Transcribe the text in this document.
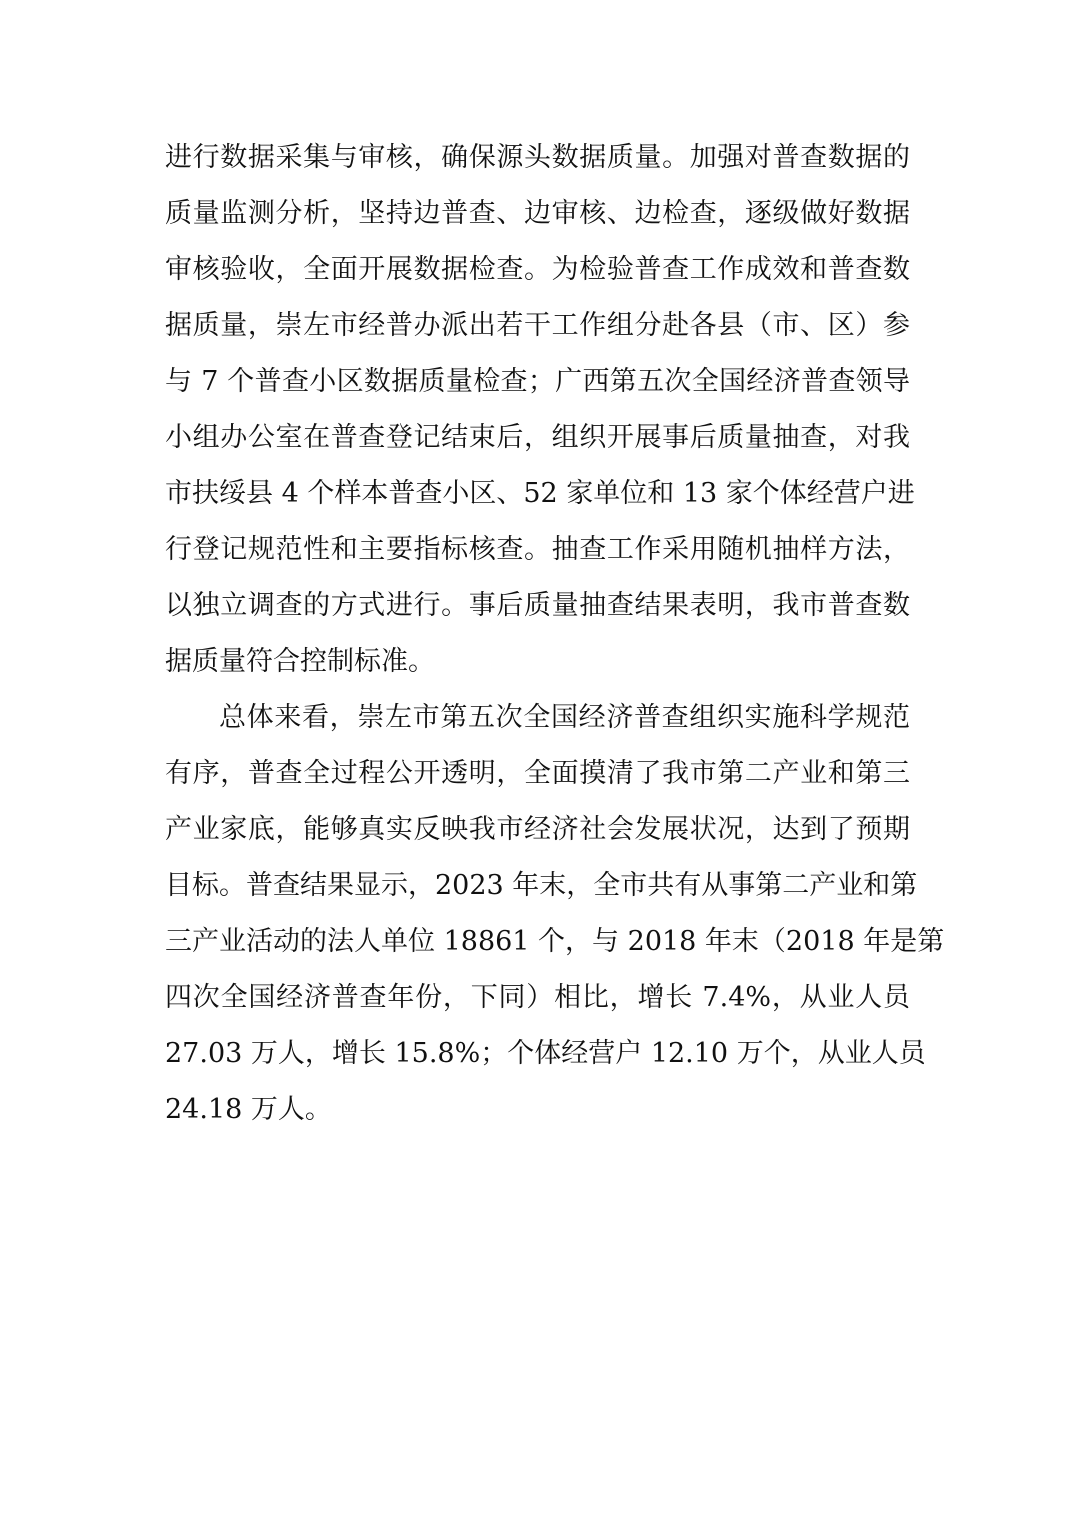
进行数据采集与审核，确保源头数据质量。加强对普查数据的

质量监测分析，坚持边普查、边审核、边检查，逐级做好数据

审核验收，全面开展数据检查。为检验普查工作成效和普查数

据质量，崇左市经普办派出若干工作组分赴各县（市、区）参

与 7 个普查小区数据质量检查；广西第五次全国经济普查领导

小组办公室在普查登记结束后，组织开展事后质量抽查，对我

市扶绥县 4 个样本普查小区、52 家单位和 13 家个体经营户进

行登记规范性和主要指标核查。抽查工作采用随机抽样方法，

以独立调查的方式进行。事后质量抽查结果表明，我市普查数

据质量符合控制标准。

总体来看，崇左市第五次全国经济普查组织实施科学规范

有序，普查全过程公开透明，全面摸清了我市第二产业和第三

产业家底，能够真实反映我市经济社会发展状况，达到了预期

目标。普查结果显示，2023 年末，全市共有从事第二产业和第

三产业活动的法人单位 18861 个，与 2018 年末（2018 年是第

四次全国经济普查年份，下同）相比，增长 7.4%，从业人员

27.03 万人，增长 15.8%；个体经营户 12.10 万个，从业人员

24.18 万人。
